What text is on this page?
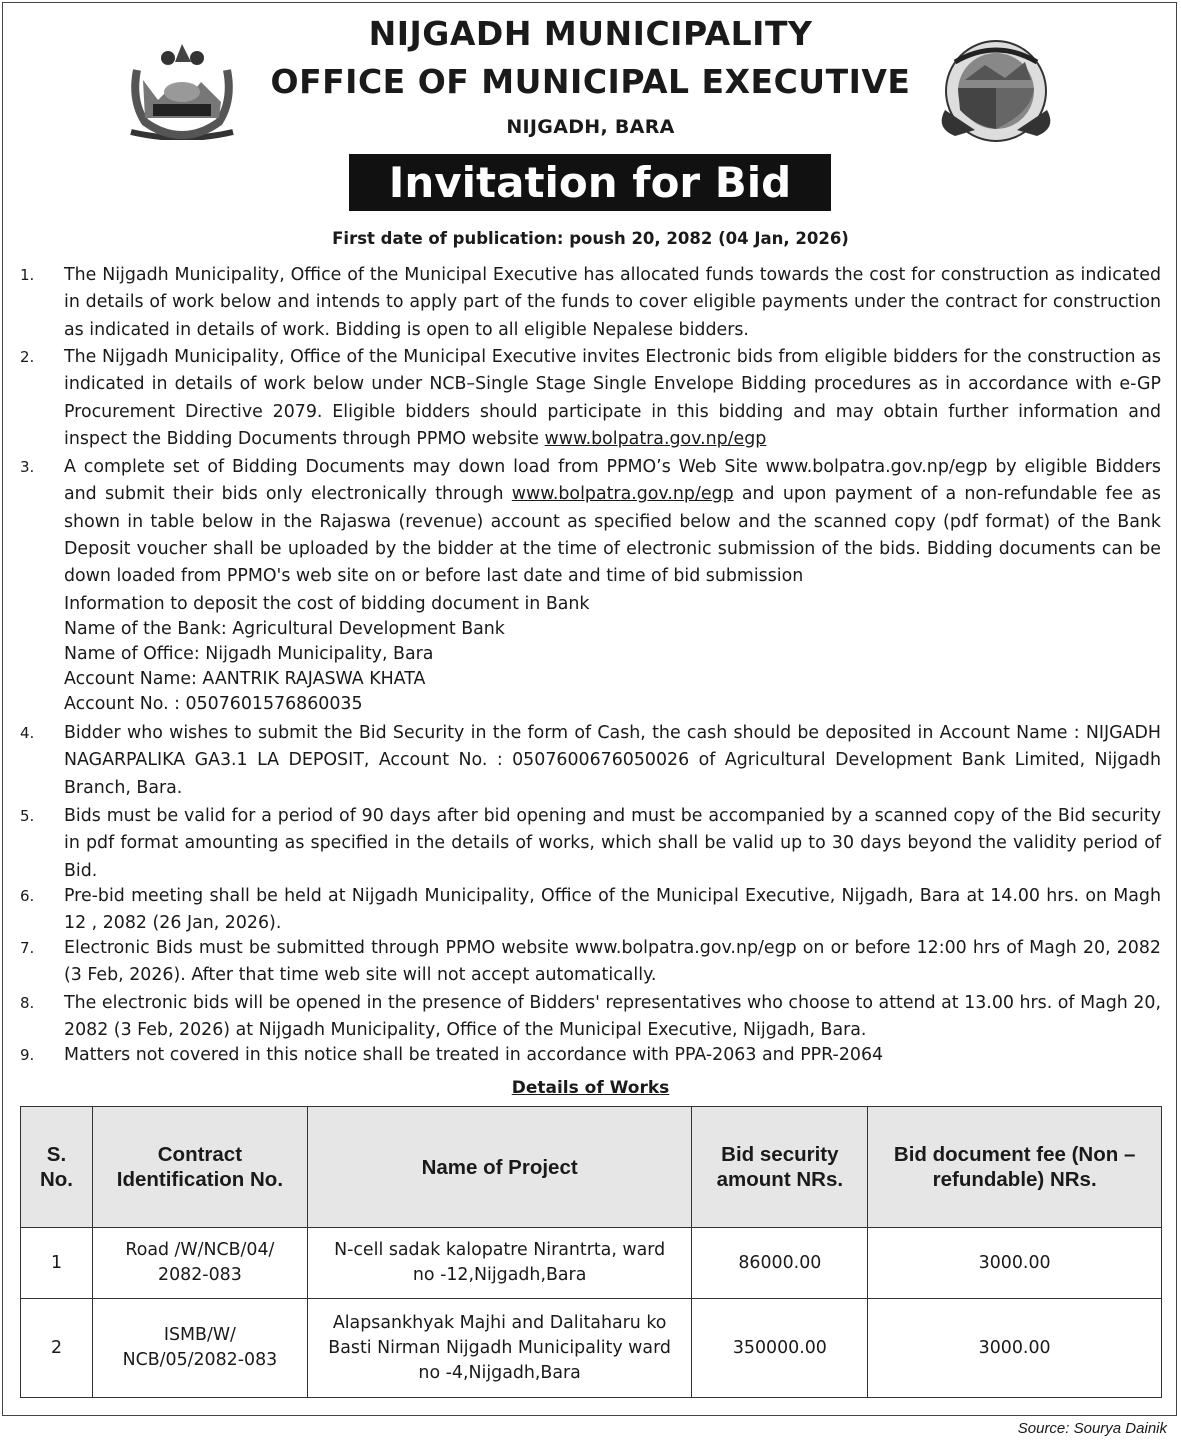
NIJGADH MUNICIPALITY
OFFICE OF MUNICIPAL EXECUTIVE
NIJGADH, BARA
Invitation for Bid
First date of publication: poush 20, 2082 (04 Jan, 2026)
1. The Nijgadh Municipality, Office of the Municipal Executive has allocated funds towards the cost for construction as indicated in details of work below and intends to apply part of the funds to cover eligible payments under the contract for construction as indicated in details of work. Bidding is open to all eligible Nepalese bidders.
2. The Nijgadh Municipality, Office of the Municipal Executive invites Electronic bids from eligible bidders for the construction as indicated in details of work below under NCB–Single Stage Single Envelope Bidding procedures as in accordance with e-GP Procurement Directive 2079. Eligible bidders should participate in this bidding and may obtain further information and inspect the Bidding Documents through PPMO website www.bolpatra.gov.np/egp
3. A complete set of Bidding Documents may down load from PPMO’s Web Site www.bolpatra.gov.np/egp by eligible Bidders and submit their bids only electronically through www.bolpatra.gov.np/egp and upon payment of a non-refundable fee as shown in table below in the Rajaswa (revenue) account as specified below and the scanned copy (pdf format) of the Bank Deposit voucher shall be uploaded by the bidder at the time of electronic submission of the bids. Bidding documents can be down loaded from PPMO's web site on or before last date and time of bid submission
Information to deposit the cost of bidding document in Bank
Name of the Bank: Agricultural Development Bank
Name of Office: Nijgadh Municipality, Bara
Account Name: AANTRIK RAJASWA KHATA
Account No. : 0507601576860035
4. Bidder who wishes to submit the Bid Security in the form of Cash, the cash should be deposited in Account Name : NIJGADH NAGARPALIKA GA3.1 LA DEPOSIT, Account No. : 0507600676050026 of Agricultural Development Bank Limited, Nijgadh Branch, Bara.
5. Bids must be valid for a period of 90 days after bid opening and must be accompanied by a scanned copy of the Bid security in pdf format amounting as specified in the details of works, which shall be valid up to 30 days beyond the validity period of Bid.
6. Pre-bid meeting shall be held at Nijgadh Municipality, Office of the Municipal Executive, Nijgadh, Bara at 14.00 hrs. on Magh 12 , 2082 (26 Jan, 2026).
7. Electronic Bids must be submitted through PPMO website www.bolpatra.gov.np/egp on or before 12:00 hrs of Magh 20, 2082 (3 Feb, 2026). After that time web site will not accept automatically.
8. The electronic bids will be opened in the presence of Bidders' representatives who choose to attend at 13.00 hrs. of Magh 20, 2082 (3 Feb, 2026) at Nijgadh Municipality, Office of the Municipal Executive, Nijgadh, Bara.
9. Matters not covered in this notice shall be treated in accordance with PPA-2063 and PPR-2064
Details of Works
S. No.	Contract Identification No.	Name of Project	Bid security amount NRs.	Bid document fee (Non – refundable) NRs.
1	Road /W/NCB/04/ 2082-083	N-cell sadak kalopatre Nirantrta, ward no -12,Nijgadh,Bara	86000.00	3000.00
2	ISMB/W/ NCB/05/2082-083	Alapsankhyak Majhi and Dalitaharu ko Basti Nirman Nijgadh Municipality ward no -4,Nijgadh,Bara	350000.00	3000.00
Source: Sourya Dainik
